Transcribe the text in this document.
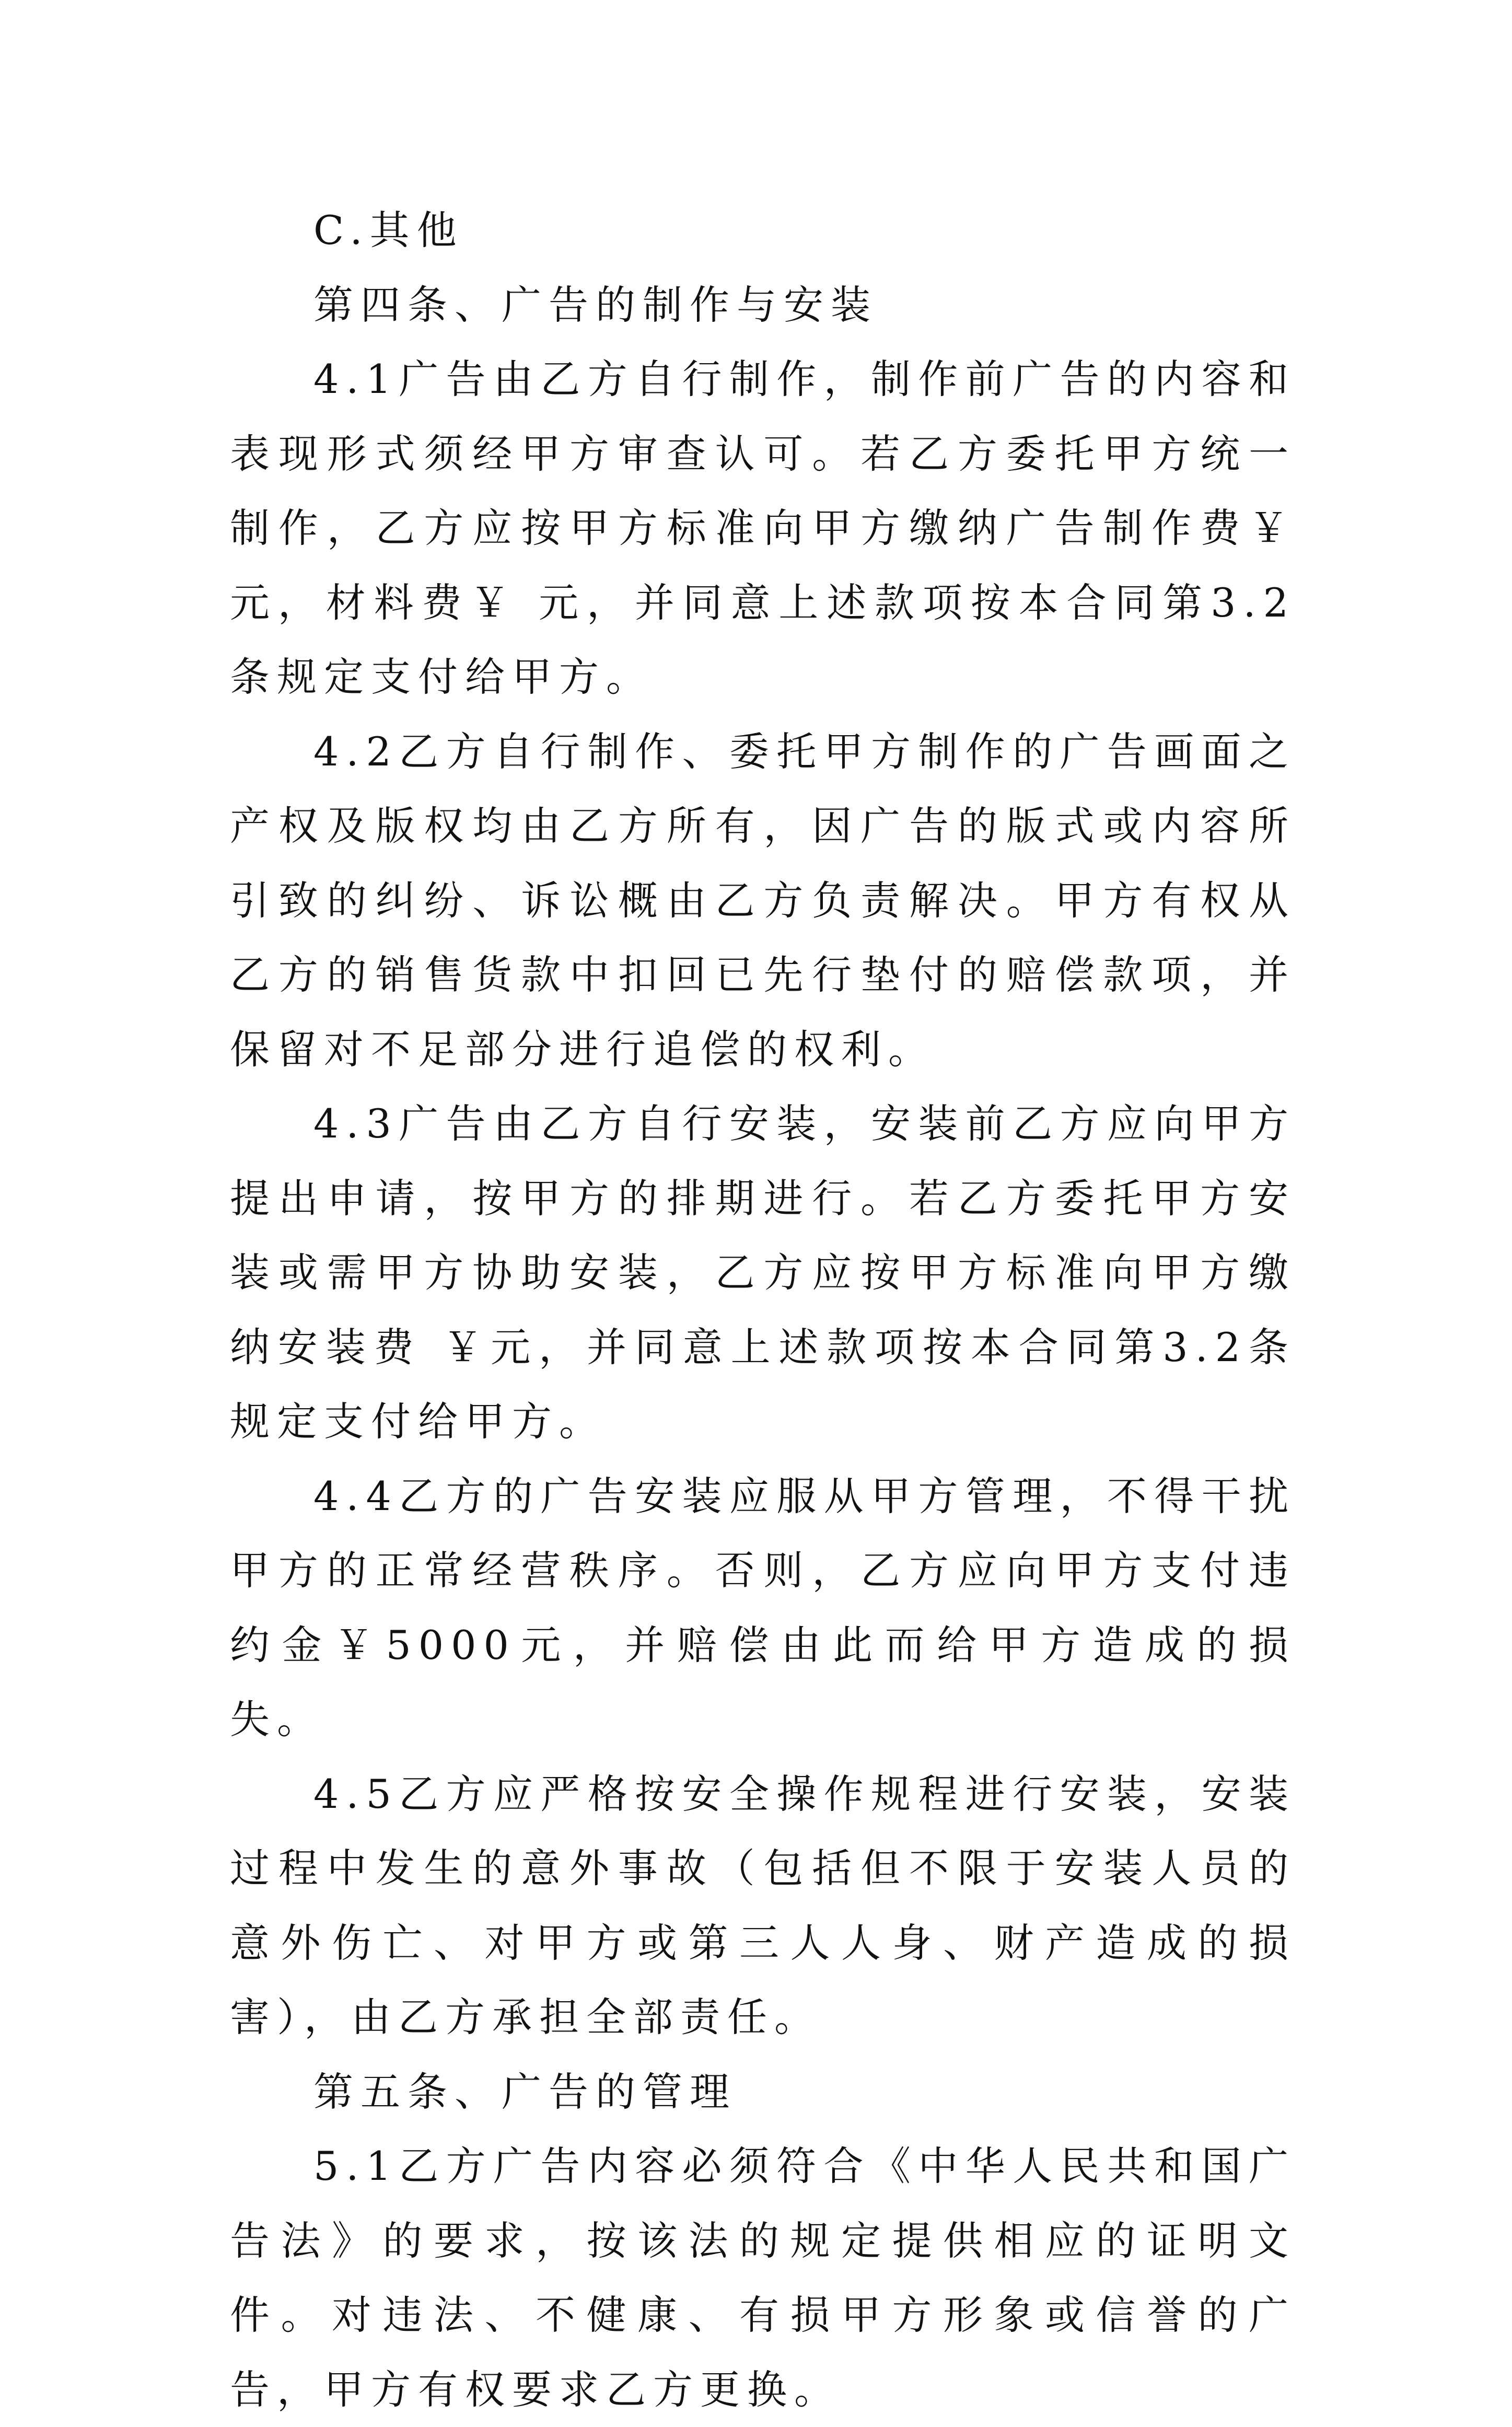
C.其他

第四条、广告的制作与安装

4.1广告由乙方自行制作，制作前广告的内容和表现形式须经甲方审查认可。若乙方委托甲方统一制作，乙方应按甲方标准向甲方缴纳广告制作费￥ 元，材料费￥ 元，并同意上述款项按本合同第3.2条规定支付给甲方。

4.2乙方自行制作、委托甲方制作的广告画面之产权及版权均由乙方所有，因广告的版式或内容所引致的纠纷、诉讼概由乙方负责解决。甲方有权从乙方的销售货款中扣回已先行垫付的赔偿款项，并保留对不足部分进行追偿的权利。

4.3广告由乙方自行安装，安装前乙方应向甲方提出申请，按甲方的排期进行。若乙方委托甲方安装或需甲方协助安装，乙方应按甲方标准向甲方缴纳安装费 ￥元，并同意上述款项按本合同第3.2条规定支付给甲方。

4.4乙方的广告安装应服从甲方管理，不得干扰甲方的正常经营秩序。否则，乙方应向甲方支付违约金￥5000元，并赔偿由此而给甲方造成的损失。

4.5乙方应严格按安全操作规程进行安装，安装过程中发生的意外事故（包括但不限于安装人员的意外伤亡、对甲方或第三人人身、财产造成的损害），由乙方承担全部责任。

第五条、广告的管理

5.1乙方广告内容必须符合《中华人民共和国广告法》的要求，按该法的规定提供相应的证明文件。对违法、不健康、有损甲方形象或信誉的广告，甲方有权要求乙方更换。
